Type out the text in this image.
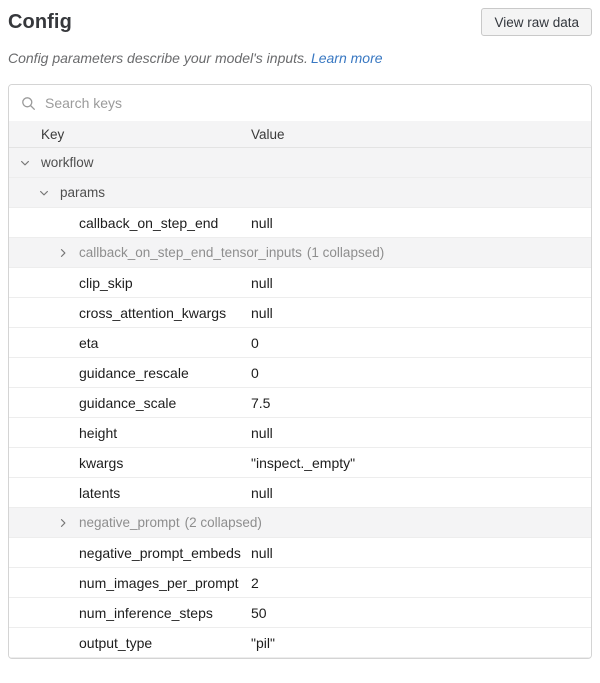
Config	View raw data

Config parameters describe your model's inputs. Learn more

Search keys
Key	Value
workflow
params
callback_on_step_end null
callback_on_step_end_tensor_inputs (1 collapsed)
clip_skip	null
cross_attention_kwargs null
eta	0
guidance_rescale	0
guidance_scale	7.5
height	null
kwargs	"inspect._empty"
latents	null
negative_prompt (2 collapsed)
negative_prompt_embeds null
num_images_per_prompt 2
num_inference_steps	50
output_type	"pil"
